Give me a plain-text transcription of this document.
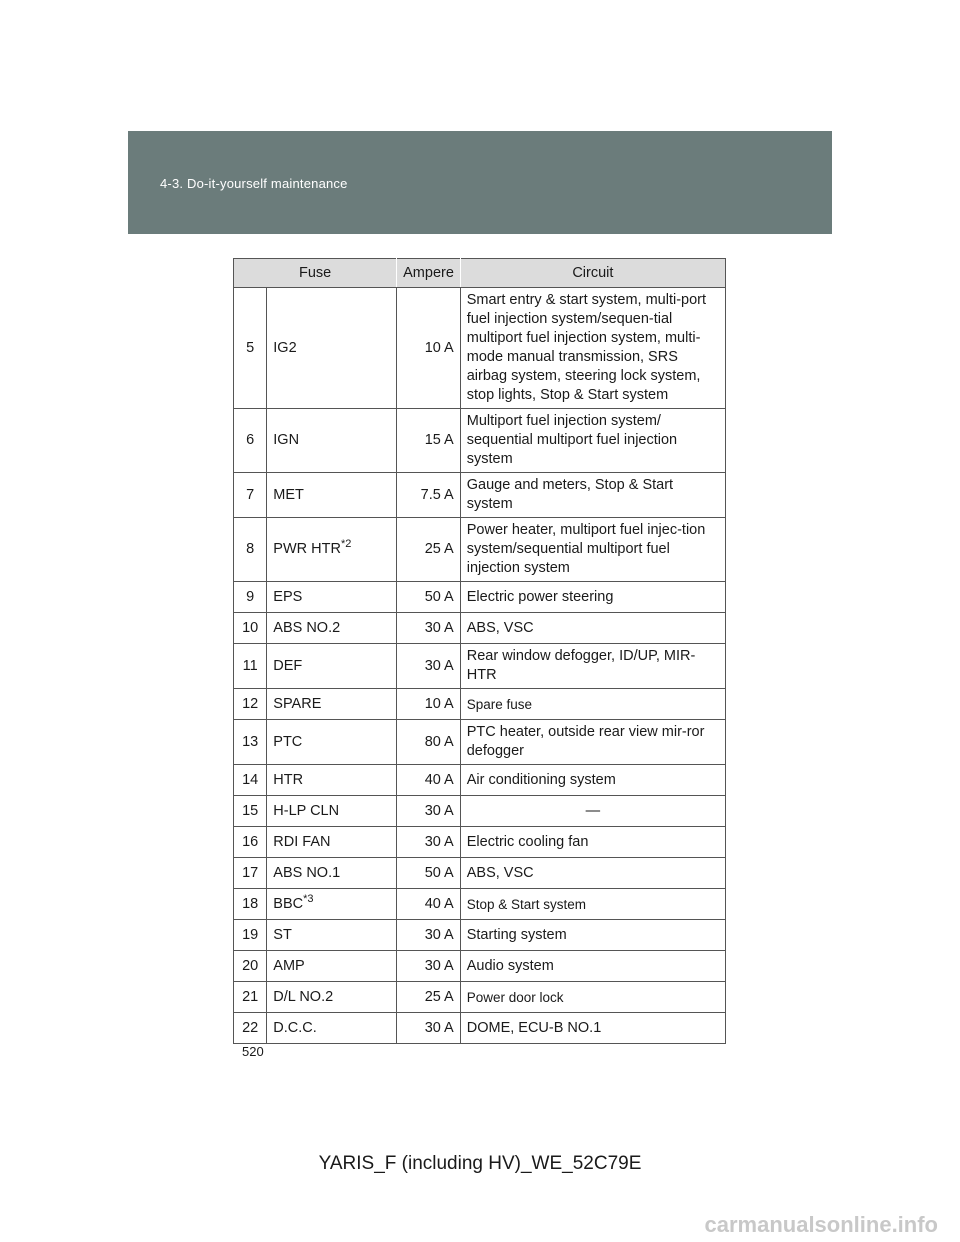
4-3. Do-it-yourself maintenance
Fuse		Ampere	Circuit
5	IG2	10 A	Smart entry & start system, multi-port fuel injection system/sequen-tial multiport fuel injection system, multi-mode manual transmission, SRS airbag system, steering lock system, stop lights, Stop & Start system
6	IGN	15 A	Multiport fuel injection system/ sequential multiport fuel injection system
7	MET	7.5 A	Gauge and meters, Stop & Start system
8	PWR HTR$^{*2}$	25 A	Power heater, multiport fuel injec-tion system/sequential multiport fuel injection system
9	EPS	50 A	Electric power steering
10	ABS NO.2	30 A	ABS, VSC
11	DEF	30 A	Rear window defogger, ID/UP, MIR-HTR
12	SPARE	10 A	Spare fuse
13	PTC	80 A	PTC heater, outside rear view mir-ror defogger
14	HTR	40 A	Air conditioning system
15	H-LP CLN	30 A	—
16	RDI FAN	30 A	Electric cooling fan
17	ABS NO.1	50 A	ABS, VSC
18	BBC$^{*3}$	40 A	Stop & Start system
19	ST	30 A	Starting system
20	AMP	30 A	Audio system
21	D/L NO.2	25 A	Power door lock
22	D.C.C.	30 A	DOME, ECU-B NO.1
520
YARIS_F (including HV)_WE_52C79E
carmanualsonline.info
